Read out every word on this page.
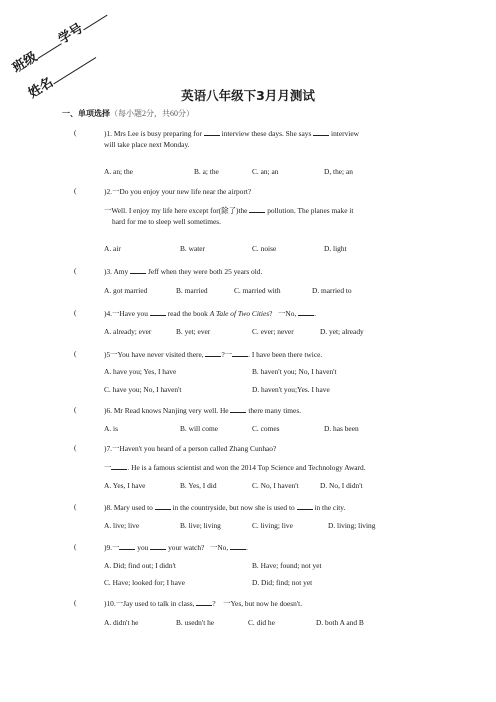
班级学号
姓名	英语八年级下3月月测试
一、单项选择（每小题2分，共60分）
(	)1. Mrs Lee is busy preparing for	interview these days. She says	interview
will take place next Monday.
A. an; the	B. a; the	C. an; an	D, the; an
(	)2.一Do you enjoy your new life near the airport?
一Well. I enjoy my life here except for(除了)the	pollution. The planes make it
hard for me to sleep well sometimes.
A. air	B. water	C. noise	D. light
(	)3. Amy	Jeff when they were both 25 years old.
A. got married	B. married	C. married with	D. married to
(	)4.一Have you	read the book A Tale of Two Cities? 一No, .
A. already; ever	B. yet; ever	C. ever; never	D. yet; already
(	)5一You have never visited there, ?一 . I have been there twice.
A. have you; Yes, I have	B. haven't you; No, I haven't
C. have you; No, I haven't	D. haven't you;Yes. I have
(	)6. Mr Read knows Nanjing very well. He	there many times.
A. is	B. will come	C. comes	D. has been
(	)7.一Haven't you heard of a person called Zhang Cunhao?
一 . He is a famous scientist and won the 2014 Top Science and Technology Award.
A. Yes, I have	B. Yes, I did	C. No, I haven't	D. No, I didn't
(	)8. Mary used to	in the countryside, but now she is used to	in the city.
A. live; live	B. live; living	C. living; live	D. living; living
(	)9.一 you	your watch? 一No, .
A. Did; find out; I didn't	B. Have; found; not yet
C. Have; looked for; I have	D. Did; find; not yet
(	)10.一Jay used to talk in class, ? 一Yes, but now he doesn't.
A. didn't he	B. usedn't he	C. did he	D. both A and B
